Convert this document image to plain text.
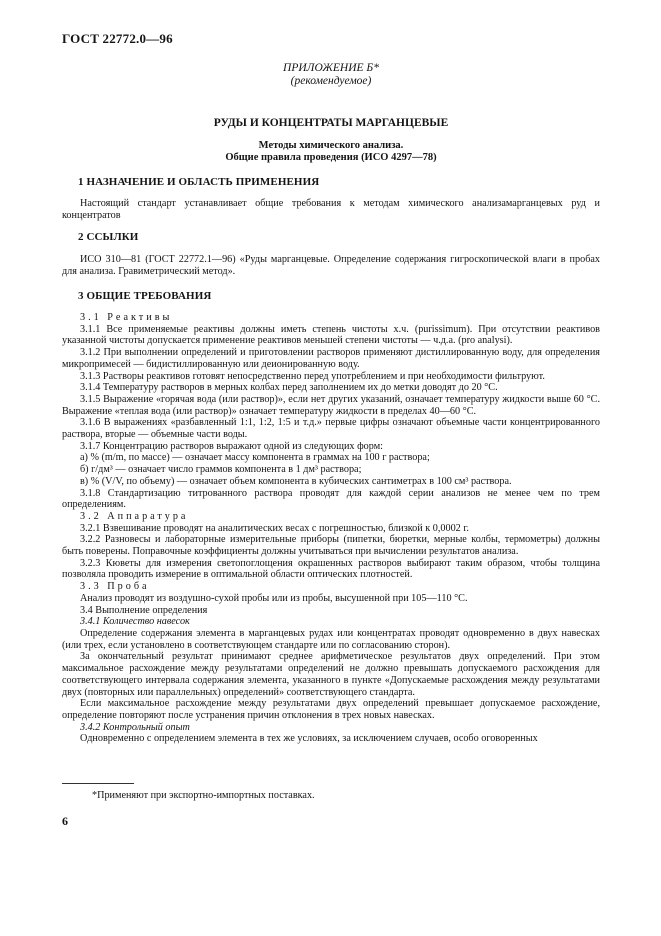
ГОСТ 22772.0—96
ПРИЛОЖЕНИЕ Б*
(рекомендуемое)
РУДЫ И КОНЦЕНТРАТЫ МАРГАНЦЕВЫЕ
Методы химического анализа.
Общие правила проведения (ИСО 4297—78)
1 НАЗНАЧЕНИЕ И ОБЛАСТЬ ПРИМЕНЕНИЯ

Настоящий стандарт устанавливает общие требования к методам химического анализамарганцевых руд и концентратов

2 ССЫЛКИ

ИСО 310—81 (ГОСТ 22772.1—96) «Руды марганцевые. Определение содержания гигроскопической влаги в пробах для анализа. Гравиметрический метод».

3 ОБЩИЕ ТРЕБОВАНИЯ

3.1 Реактивы

3.1.1 Все применяемые реактивы должны иметь степень чистоты х.ч. (purissimum). При отсутствии реактивов указанной чистоты допускается применение реактивов меньшей степени чистоты — ч.д.а. (pro analysi).

3.1.2 При выполнении определений и приготовлении растворов применяют дистиллированную воду, для определения микропримесей — бидистиллированную или деионированную воду.

3.1.3 Растворы реактивов готовят непосредственно перед употреблением и при необходимости фильтруют.

3.1.4 Температуру растворов в мерных колбах перед заполнением их до метки доводят до 20 °С.

3.1.5 Выражение «горячая вода (или раствор)», если нет других указаний, означает температуру жидкости выше 60 °С. Выражение «теплая вода (или раствор)» означает температуру жидкости в пределах 40—60 °С.

3.1.6 В выражениях «разбавленный 1:1, 1:2, 1:5 и т.д.» первые цифры означают объемные части концентрированного раствора, вторые — объемные части воды.

3.1.7 Концентрацию растворов выражают одной из следующих форм:

а) % (m/m, по массе) — означает массу компонента в граммах на 100 г раствора;

б) г/дм³ — означает число граммов компонента в 1 дм³ раствора;

в) % (V/V, по объему) — означает объем компонента в кубических сантиметрах в 100 см³ раствора.

3.1.8 Стандартизацию титрованного раствора проводят для каждой серии анализов не менее чем по трем определениям.

3.2 Аппаратура

3.2.1 Взвешивание проводят на аналитических весах с погрешностью, близкой к 0,0002 г.

3.2.2 Разновесы и лабораторные измерительные приборы (пипетки, бюретки, мерные колбы, термометры) должны быть поверены. Поправочные коэффициенты должны учитываться при вычислении результатов анализа.

3.2.3 Кюветы для измерения светопоглощения окрашенных растворов выбирают таким образом, чтобы толщина позволяла проводить измерение в оптимальной области оптических плотностей.

3.3 Проба

Анализ проводят из воздушно-сухой пробы или из пробы, высушенной при 105—110 °С.

3.4 Выполнение определения

3.4.1 Количество навесок

Определение содержания элемента в марганцевых рудах или концентратах проводят одновременно в двух навесках (или трех, если установлено в соответствующем стандарте или по согласованию сторон).

За окончательный результат принимают среднее арифметическое результатов двух определений. При этом максимальное расхождение между результатами определений не должно превышать допускаемого расхождения для соответствующего интервала содержания элемента, указанного в пункте «Допускаемые расхождения между результатами двух (повторных или параллельных) определений» соответствующего стандарта.

Если максимальное расхождение между результатами двух определений превышает допускаемое расхождение, определение повторяют после устранения причин отклонения в трех новых навесках.

3.4.2 Контрольный опыт

Одновременно с определением элемента в тех же условиях, за исключением случаев, особо оговоренных

*Применяют при экспортно-импортных поставках.
6
